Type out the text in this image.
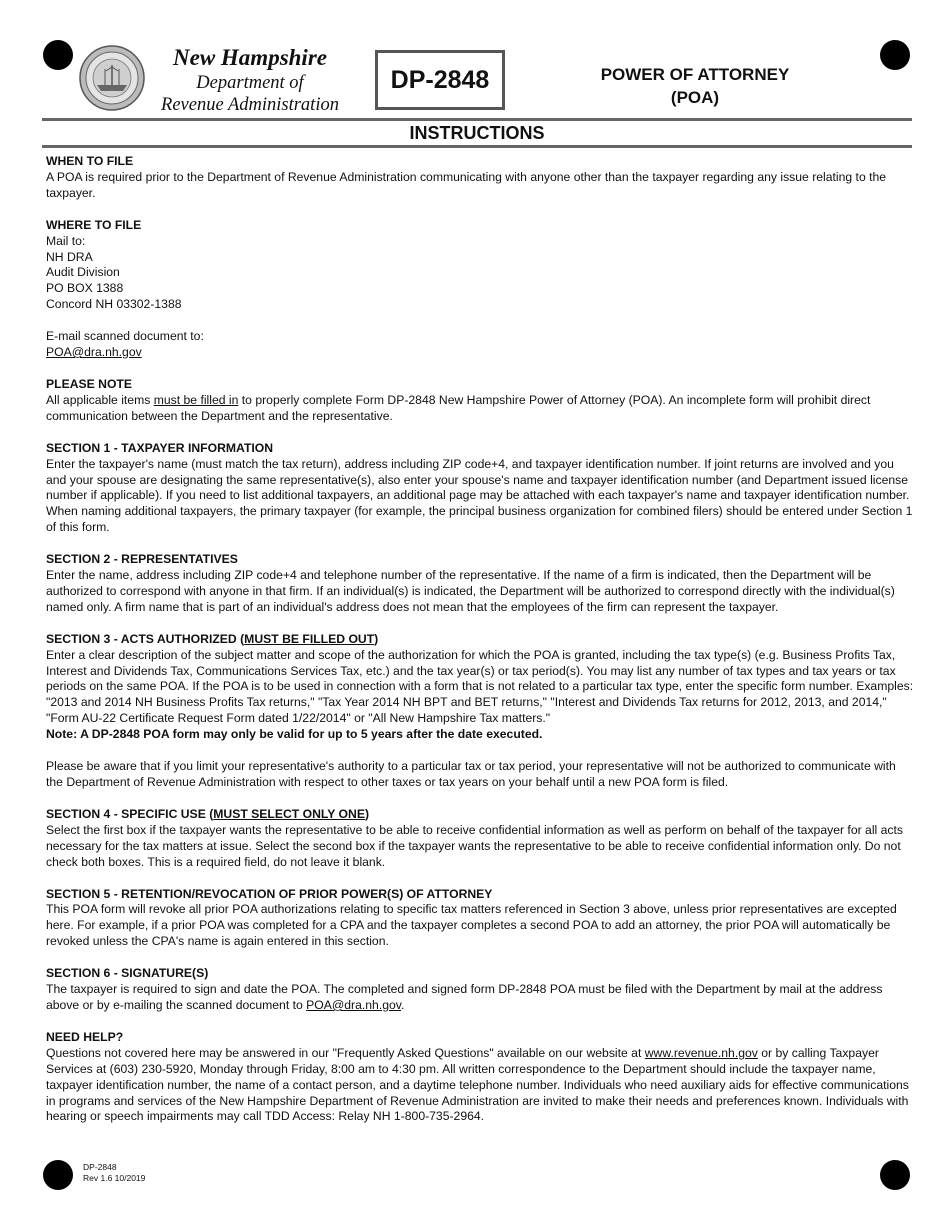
New Hampshire
Department of
Revenue Administration
DP-2848	POWER OF ATTORNEY
(POA)
INSTRUCTIONS
WHEN TO FILE

A POA is required prior to the Department of Revenue Administration communicating with anyone other than the taxpayer regarding any issue relating to the taxpayer.

WHERE TO FILE

Mail to:

NH DRA

Audit Division

PO BOX 1388

Concord NH 03302-1388

E-mail scanned document to:

POA@dra.nh.gov

PLEASE NOTE

All applicable items must be filled in to properly complete Form DP-2848 New Hampshire Power of Attorney (POA). An incomplete form will prohibit direct communication between the Department and the representative.

SECTION 1 - TAXPAYER INFORMATION

Enter the taxpayer's name (must match the tax return), address including ZIP code+4, and taxpayer identification number. If joint returns are involved and you and your spouse are designating the same representative(s), also enter your spouse's name and taxpayer identification number (and Department issued license number if applicable). If you need to list additional taxpayers, an additional page may be attached with each taxpayer's name and taxpayer identification number. When naming additional taxpayers, the primary taxpayer (for example, the principal business organization for combined filers) should be entered under Section 1 of this form.

SECTION 2 - REPRESENTATIVES

Enter the name, address including ZIP code+4 and telephone number of the representative. If the name of a firm is indicated, then the Department will be authorized to correspond with anyone in that firm. If an individual(s) is indicated, the Department will be authorized to correspond directly with the individual(s) named only. A firm name that is part of an individual's address does not mean that the employees of the firm can represent the taxpayer.

SECTION 3 - ACTS AUTHORIZED (MUST BE FILLED OUT)

Enter a clear description of the subject matter and scope of the authorization for which the POA is granted, including the tax type(s) (e.g. Business Profits Tax, Interest and Dividends Tax, Communications Services Tax, etc.) and the tax year(s) or tax period(s). You may list any number of tax types and tax years or tax periods on the same POA. If the POA is to be used in connection with a form that is not related to a particular tax type, enter the specific form number. Examples: "2013 and 2014 NH Business Profits Tax returns," "Tax Year 2014 NH BPT and BET returns," "Interest and Dividends Tax returns for 2012, 2013, and 2014," "Form AU-22 Certificate Request Form dated 1/22/2014" or "All New Hampshire Tax matters."

Note: A DP-2848 POA form may only be valid for up to 5 years after the date executed.

Please be aware that if you limit your representative's authority to a particular tax or tax period, your representative will not be authorized to communicate with the Department of Revenue Administration with respect to other taxes or tax years on your behalf until a new POA form is filed.

SECTION 4 - SPECIFIC USE (MUST SELECT ONLY ONE)

Select the first box if the taxpayer wants the representative to be able to receive confidential information as well as perform on behalf of the taxpayer for all acts necessary for the tax matters at issue. Select the second box if the taxpayer wants the representative to be able to receive confidential information only. Do not check both boxes. This is a required field, do not leave it blank.

SECTION 5 - RETENTION/REVOCATION OF PRIOR POWER(S) OF ATTORNEY

This POA form will revoke all prior POA authorizations relating to specific tax matters referenced in Section 3 above, unless prior representatives are excepted here. For example, if a prior POA was completed for a CPA and the taxpayer completes a second POA to add an attorney, the prior POA will automatically be revoked unless the CPA's name is again entered in this section.

SECTION 6 - SIGNATURE(S)

The taxpayer is required to sign and date the POA. The completed and signed form DP-2848 POA must be filed with the Department by mail at the address above or by e-mailing the scanned document to POA@dra.nh.gov.

NEED HELP?

Questions not covered here may be answered in our "Frequently Asked Questions" available on our website at www.revenue.nh.gov or by calling Taxpayer Services at (603) 230-5920, Monday through Friday, 8:00 am to 4:30 pm. All written correspondence to the Department should include the taxpayer name, taxpayer identification number, the name of a contact person, and a daytime telephone number. Individuals who need auxiliary aids for effective communications in programs and services of the New Hampshire Department of Revenue Administration are invited to make their needs and preferences known. Individuals with hearing or speech impairments may call TDD Access: Relay NH 1-800-735-2964.

DP-2848
Rev 1.6 10/2019
